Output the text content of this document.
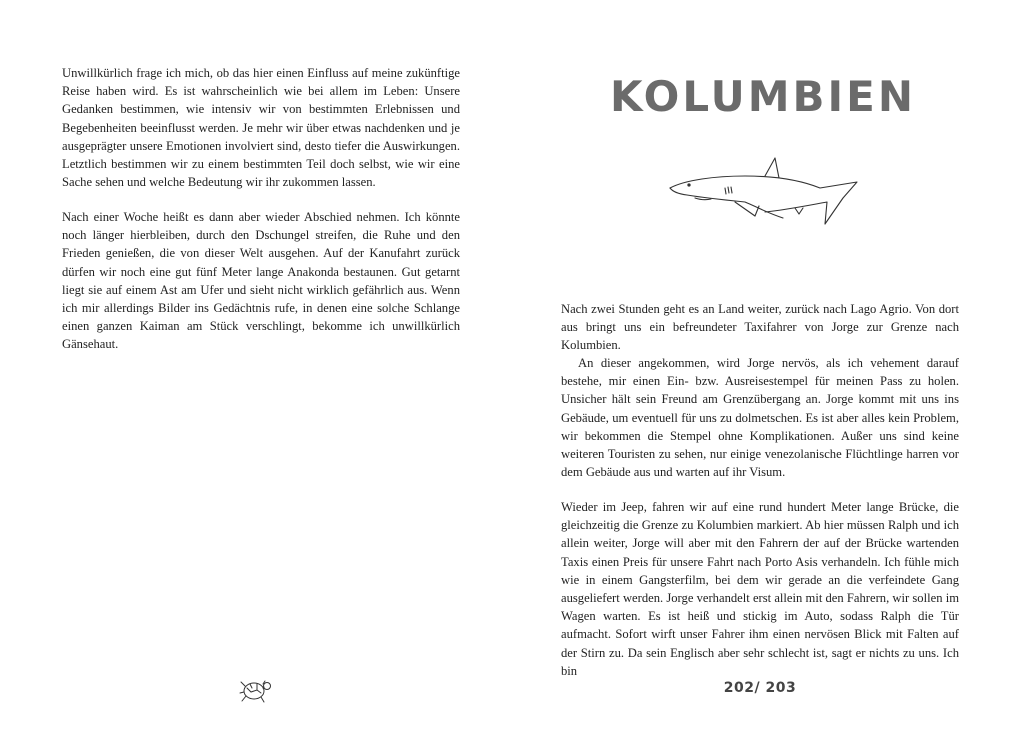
Unwillkürlich frage ich mich, ob das hier einen Einfluss auf meine zukünftige Reise haben wird. Es ist wahrscheinlich wie bei allem im Leben: Unsere Gedanken bestimmen, wie intensiv wir von bestimmten Erlebnissen und Begebenheiten beeinflusst werden. Je mehr wir über etwas nachdenken und je ausgeprägter unsere Emotionen involviert sind, desto tiefer die Auswirkungen. Letztlich bestimmen wir zu einem bestimmten Teil doch selbst, wie wir eine Sache sehen und welche Bedeutung wir ihr zukommen lassen.

Nach einer Woche heißt es dann aber wieder Abschied nehmen. Ich könnte noch länger hierbleiben, durch den Dschungel streifen, die Ruhe und den Frieden genießen, die von dieser Welt ausgehen. Auf der Kanufahrt zurück dürfen wir noch eine gut fünf Meter lange Anakonda bestaunen. Gut getarnt liegt sie auf einem Ast am Ufer und sieht nicht wirklich gefährlich aus. Wenn ich mir allerdings Bilder ins Gedächtnis rufe, in denen eine solche Schlange einen ganzen Kaiman am Stück verschlingt, bekomme ich unwillkürlich Gänsehaut.

KOLUMBIEN

Nach zwei Stunden geht es an Land weiter, zurück nach Lago Agrio. Von dort aus bringt uns ein befreundeter Taxifahrer von Jorge zur Grenze nach Kolumbien.

An dieser angekommen, wird Jorge nervös, als ich vehement darauf bestehe, mir einen Ein- bzw. Ausreisestempel für meinen Pass zu holen. Unsicher hält sein Freund am Grenzübergang an. Jorge kommt mit uns ins Gebäude, um eventuell für uns zu dolmetschen. Es ist aber alles kein Problem, wir bekommen die Stempel ohne Komplikationen. Außer uns sind keine weiteren Touristen zu sehen, nur einige venezolanische Flüchtlinge harren vor dem Gebäude aus und warten auf ihr Visum.

Wieder im Jeep, fahren wir auf eine rund hundert Meter lange Brücke, die gleichzeitig die Grenze zu Kolumbien markiert. Ab hier müssen Ralph und ich allein weiter, Jorge will aber mit den Fahrern der auf der Brücke wartenden Taxis einen Preis für unsere Fahrt nach Porto Asis verhandeln. Ich fühle mich wie in einem Gangsterfilm, bei dem wir gerade an die verfeindete Gang ausgeliefert werden. Jorge verhandelt erst allein mit den Fahrern, wir sollen im Wagen warten. Es ist heiß und stickig im Auto, sodass Ralph die Tür aufmacht. Sofort wirft unser Fahrer ihm einen nervösen Blick mit Falten auf der Stirn zu. Da sein Englisch aber sehr schlecht ist, sagt er nichts zu uns. Ich bin

202/ 203
